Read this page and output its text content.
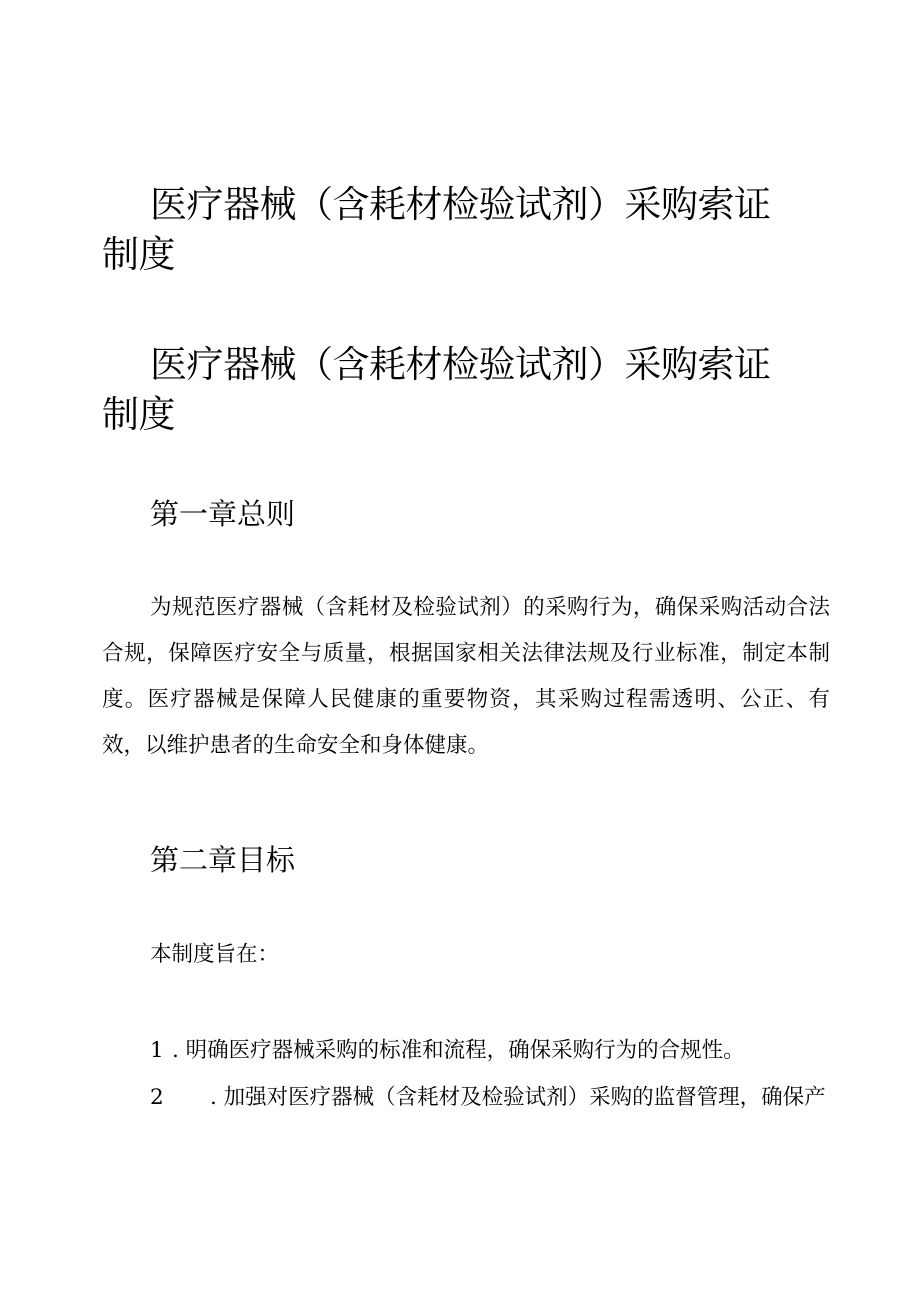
医疗器械（含耗材检验试剂）采购索证制度
医疗器械（含耗材检验试剂）采购索证制度
第一章总则

为规范医疗器械（含耗材及检验试剂）的采购行为，确保采购活动合法合规，保障医疗安全与质量，根据国家相关法律法规及行业标准，制定本制度。医疗器械是保障人民健康的重要物资，其采购过程需透明、公正、有效，以维护患者的生命安全和身体健康。

第二章目标

本制度旨在：

1 . 明确医疗器械采购的标准和流程，确保采购行为的合规性。

2 . 加强对医疗器械（含耗材及检验试剂）采购的监督管理，确保产
